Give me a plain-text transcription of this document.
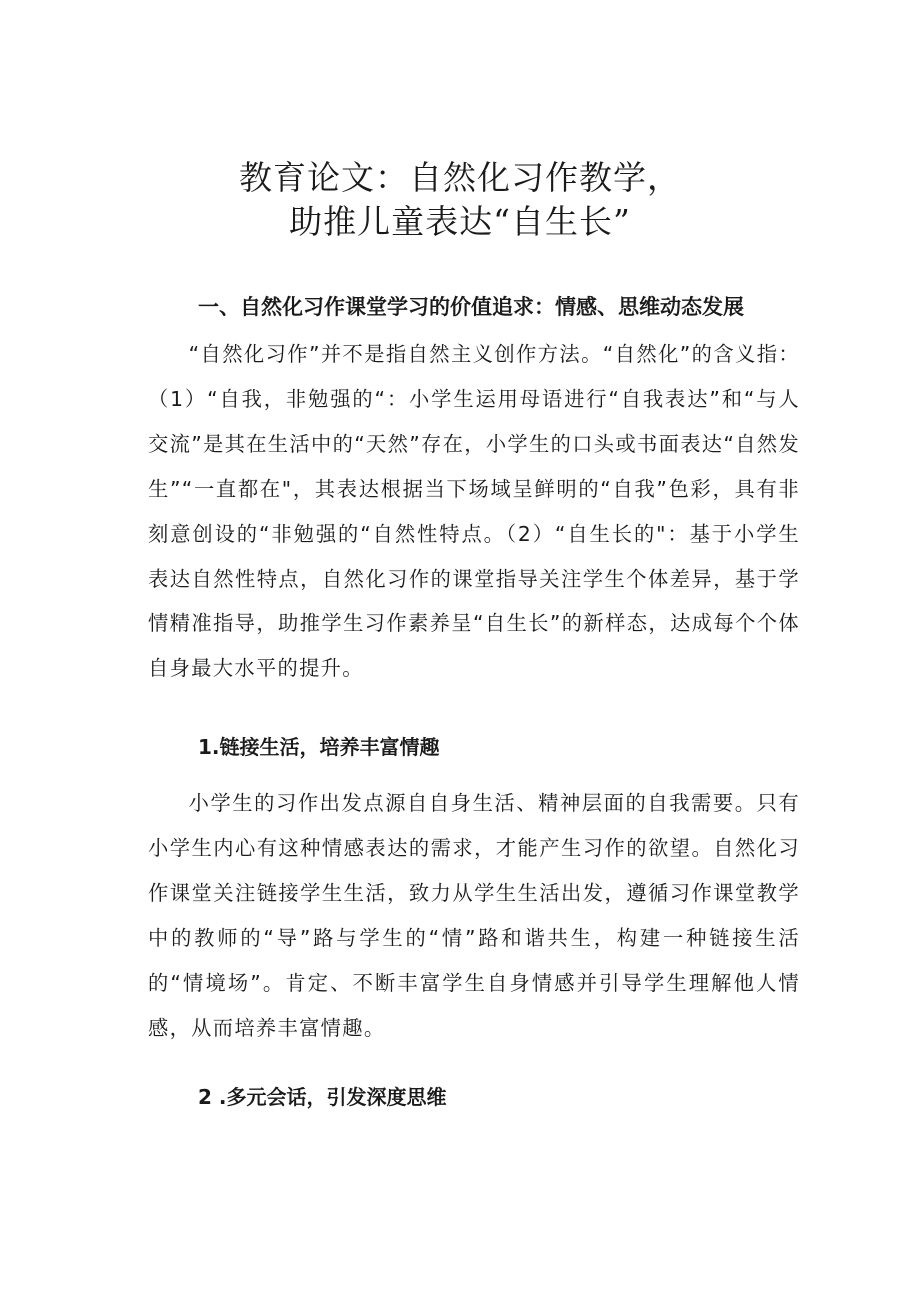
教育论文：自然化习作教学，
助推儿童表达“自生长”
一、自然化习作课堂学习的价值追求：情感、思维动态发展

“自然化习作”并不是指自然主义创作方法。“自然化”的含义指：（1）“自我，非勉强的“：小学生运用母语进行“自我表达”和“与人交流”是其在生活中的“天然”存在，小学生的口头或书面表达“自然发生”“一直都在"，其表达根据当下场域呈鲜明的“自我”色彩，具有非刻意创设的“非勉强的“自然性特点。（2）“自生长的"：基于小学生表达自然性特点，自然化习作的课堂指导关注学生个体差异，基于学情精准指导，助推学生习作素养呈“自生长”的新样态，达成每个个体自身最大水平的提升。

1.链接生活，培养丰富情趣

小学生的习作出发点源自自身生活、精神层面的自我需要。只有小学生内心有这种情感表达的需求，才能产生习作的欲望。自然化习作课堂关注链接学生生活，致力从学生生活出发，遵循习作课堂教学中的教师的“导”路与学生的“情”路和谐共生，构建一种链接生活的“情境场”。肯定、不断丰富学生自身情感并引导学生理解他人情感，从而培养丰富情趣。

2 .多元会话，引发深度思维
